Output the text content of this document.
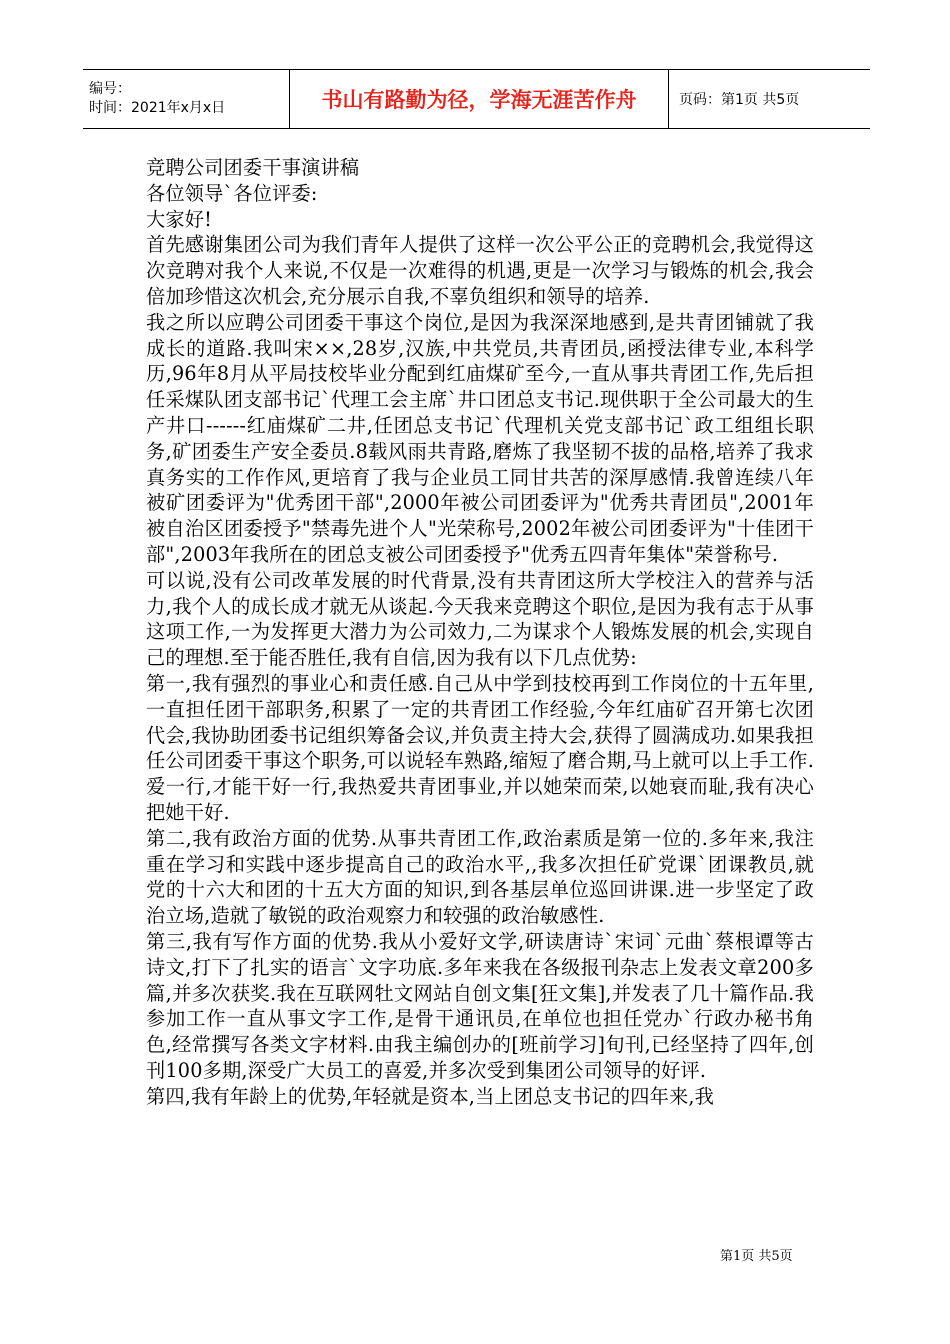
编号：
时间：2021年x月x日	书山有路勤为径，学海无涯苦作舟	页码：第1页 共5页

竞聘公司团委干事演讲稿

各位领导`各位评委:

大家好!

首先感谢集团公司为我们青年人提供了这样一次公平公正的竞聘机会,我觉得这次竞聘对我个人来说,不仅是一次难得的机遇,更是一次学习与锻炼的机会,我会倍加珍惜这次机会,充分展示自我,不辜负组织和领导的培养.

我之所以应聘公司团委干事这个岗位,是因为我深深地感到,是共青团铺就了我成长的道路.我叫宋××,28岁,汉族,中共党员,共青团员,函授法律专业,本科学历,96年8月从平局技校毕业分配到红庙煤矿至今,一直从事共青团工作,先后担任采煤队团支部书记`代理工会主席`井口团总支书记.现供职于全公司最大的生产井口------红庙煤矿二井,任团总支书记`代理机关党支部书记`政工组组长职务,矿团委生产安全委员.8载风雨共青路,磨炼了我坚韧不拔的品格,培养了我求真务实的工作作风,更培育了我与企业员工同甘共苦的深厚感情.我曾连续八年被矿团委评为"优秀团干部",2000年被公司团委评为"优秀共青团员",2001年被自治区团委授予"禁毒先进个人"光荣称号,2002年被公司团委评为"十佳团干部",2003年我所在的团总支被公司团委授予"优秀五四青年集体"荣誉称号.

可以说,没有公司改革发展的时代背景,没有共青团这所大学校注入的营养与活力,我个人的成长成才就无从谈起.今天我来竞聘这个职位,是因为我有志于从事这项工作,一为发挥更大潜力为公司效力,二为谋求个人锻炼发展的机会,实现自己的理想.至于能否胜任,我有自信,因为我有以下几点优势:

第一,我有强烈的事业心和责任感.自己从中学到技校再到工作岗位的十五年里,一直担任团干部职务,积累了一定的共青团工作经验,今年红庙矿召开第七次团代会,我协助团委书记组织筹备会议,并负责主持大会,获得了圆满成功.如果我担任公司团委干事这个职务,可以说轻车熟路,缩短了磨合期,马上就可以上手工作.爱一行,才能干好一行,我热爱共青团事业,并以她荣而荣,以她衰而耻,我有决心把她干好.

第二,我有政治方面的优势.从事共青团工作,政治素质是第一位的.多年来,我注重在学习和实践中逐步提高自己的政治水平,,我多次担任矿党课`团课教员,就党的十六大和团的十五大方面的知识,到各基层单位巡回讲课.进一步坚定了政治立场,造就了敏锐的政治观察力和较强的政治敏感性.

第三,我有写作方面的优势.我从小爱好文学,研读唐诗`宋词`元曲`蔡根谭等古诗文,打下了扎实的语言`文字功底.多年来我在各级报刊杂志上发表文章200多篇,并多次获奖.我在互联网牡文网站自创文集[狂文集],并发表了几十篇作品.我参加工作一直从事文字工作,是骨干通讯员,在单位也担任党办`行政办秘书角色,经常撰写各类文字材料.由我主编创办的[班前学习]旬刊,已经坚持了四年,创刊100多期,深受广大员工的喜爱,并多次受到集团公司领导的好评.

第四,我有年龄上的优势,年轻就是资本,当上团总支书记的四年来,我

第1页 共5页
